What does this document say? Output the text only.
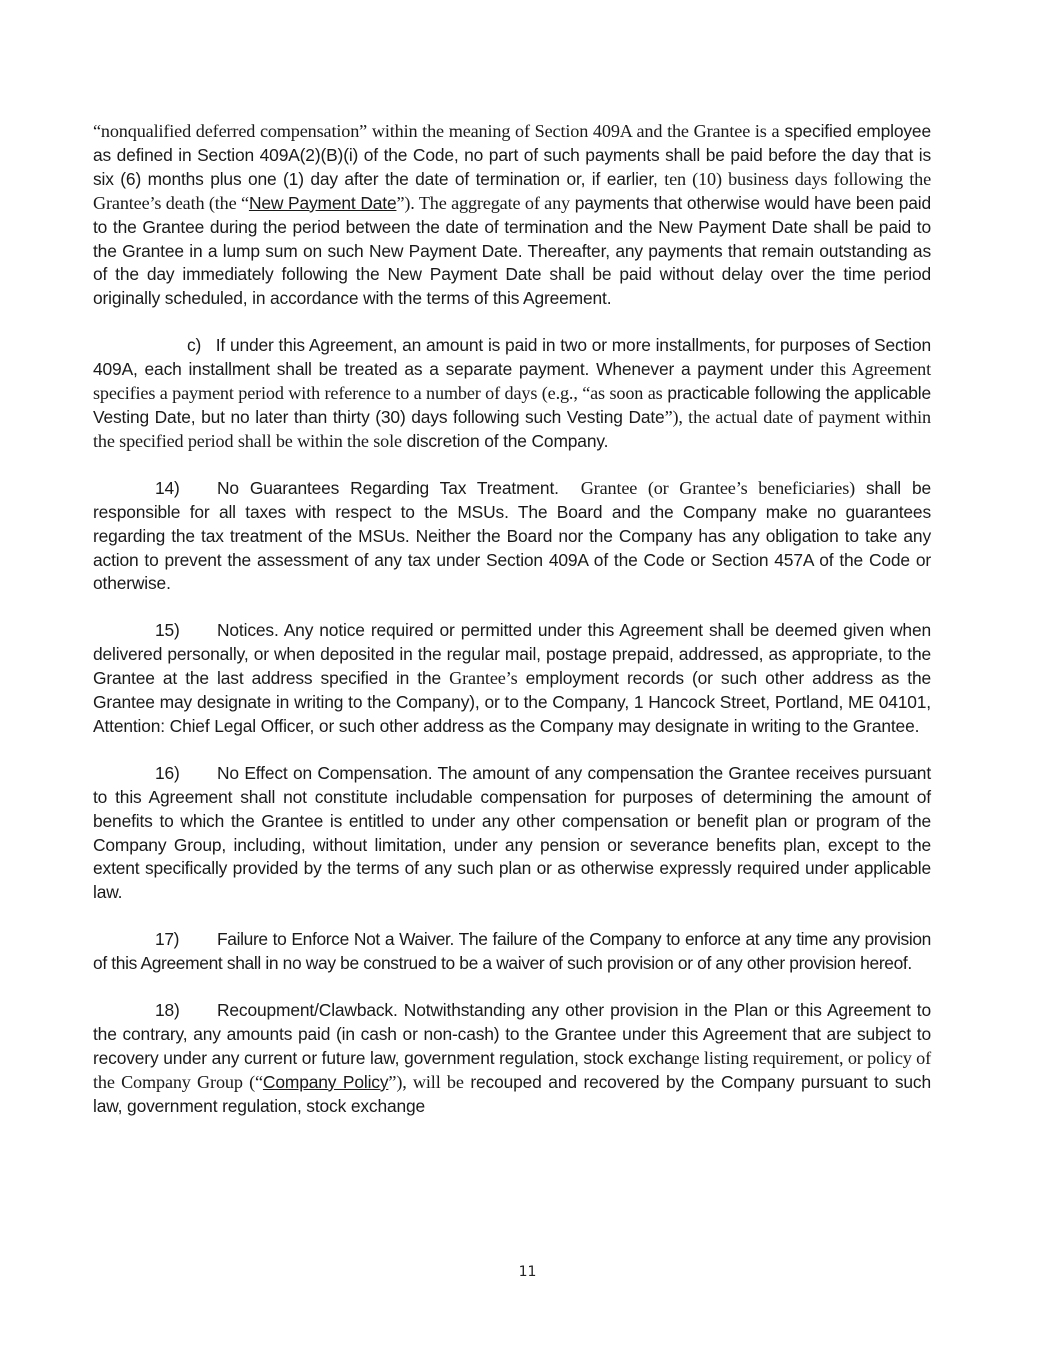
“nonqualified deferred compensation” within the meaning of Section 409A and the Grantee is a specified employee as defined in Section 409A(2)(B)(i) of the Code, no part of such payments shall be paid before the day that is six (6) months plus one (1) day after the date of termination or, if earlier, ten (10) business days following the Grantee’s death (the “New Payment Date”). The aggregate of any payments that otherwise would have been paid to the Grantee during the period between the date of termination and the New Payment Date shall be paid to the Grantee in a lump sum on such New Payment Date. Thereafter, any payments that remain outstanding as of the day immediately following the New Payment Date shall be paid without delay over the time period originally scheduled, in accordance with the terms of this Agreement.

c) If under this Agreement, an amount is paid in two or more installments, for purposes of Section 409A, each installment shall be treated as a separate payment. Whenever a payment under this Agreement specifies a payment period with reference to a number of days (e.g., “as soon as practicable following the applicable Vesting Date, but no later than thirty (30) days following such Vesting Date”), the actual date of payment within the specified period shall be within the sole discretion of the Company.

14) No Guarantees Regarding Tax Treatment. Grantee (or Grantee’s beneficiaries) shall be responsible for all taxes with respect to the MSUs. The Board and the Company make no guarantees regarding the tax treatment of the MSUs. Neither the Board nor the Company has any obligation to take any action to prevent the assessment of any tax under Section 409A of the Code or Section 457A of the Code or otherwise.

15) Notices. Any notice required or permitted under this Agreement shall be deemed given when delivered personally, or when deposited in the regular mail, postage prepaid, addressed, as appropriate, to the Grantee at the last address specified in the Grantee’s employment records (or such other address as the Grantee may designate in writing to the Company), or to the Company, 1 Hancock Street, Portland, ME 04101, Attention: Chief Legal Officer, or such other address as the Company may designate in writing to the Grantee.

16) No Effect on Compensation. The amount of any compensation the Grantee receives pursuant to this Agreement shall not constitute includable compensation for purposes of determining the amount of benefits to which the Grantee is entitled to under any other compensation or benefit plan or program of the Company Group, including, without limitation, under any pension or severance benefits plan, except to the extent specifically provided by the terms of any such plan or as otherwise expressly required under applicable law.

17) Failure to Enforce Not a Waiver. The failure of the Company to enforce at any time any provision of this Agreement shall in no way be construed to be a waiver of such provision or of any other provision hereof.

18) Recoupment/Clawback. Notwithstanding any other provision in the Plan or this Agreement to the contrary, any amounts paid (in cash or non-cash) to the Grantee under this Agreement that are subject to recovery under any current or future law, government regulation, stock exchange listing requirement, or policy of the Company Group (“Company Policy”), will be recouped and recovered by the Company pursuant to such law, government regulation, stock exchange

11
